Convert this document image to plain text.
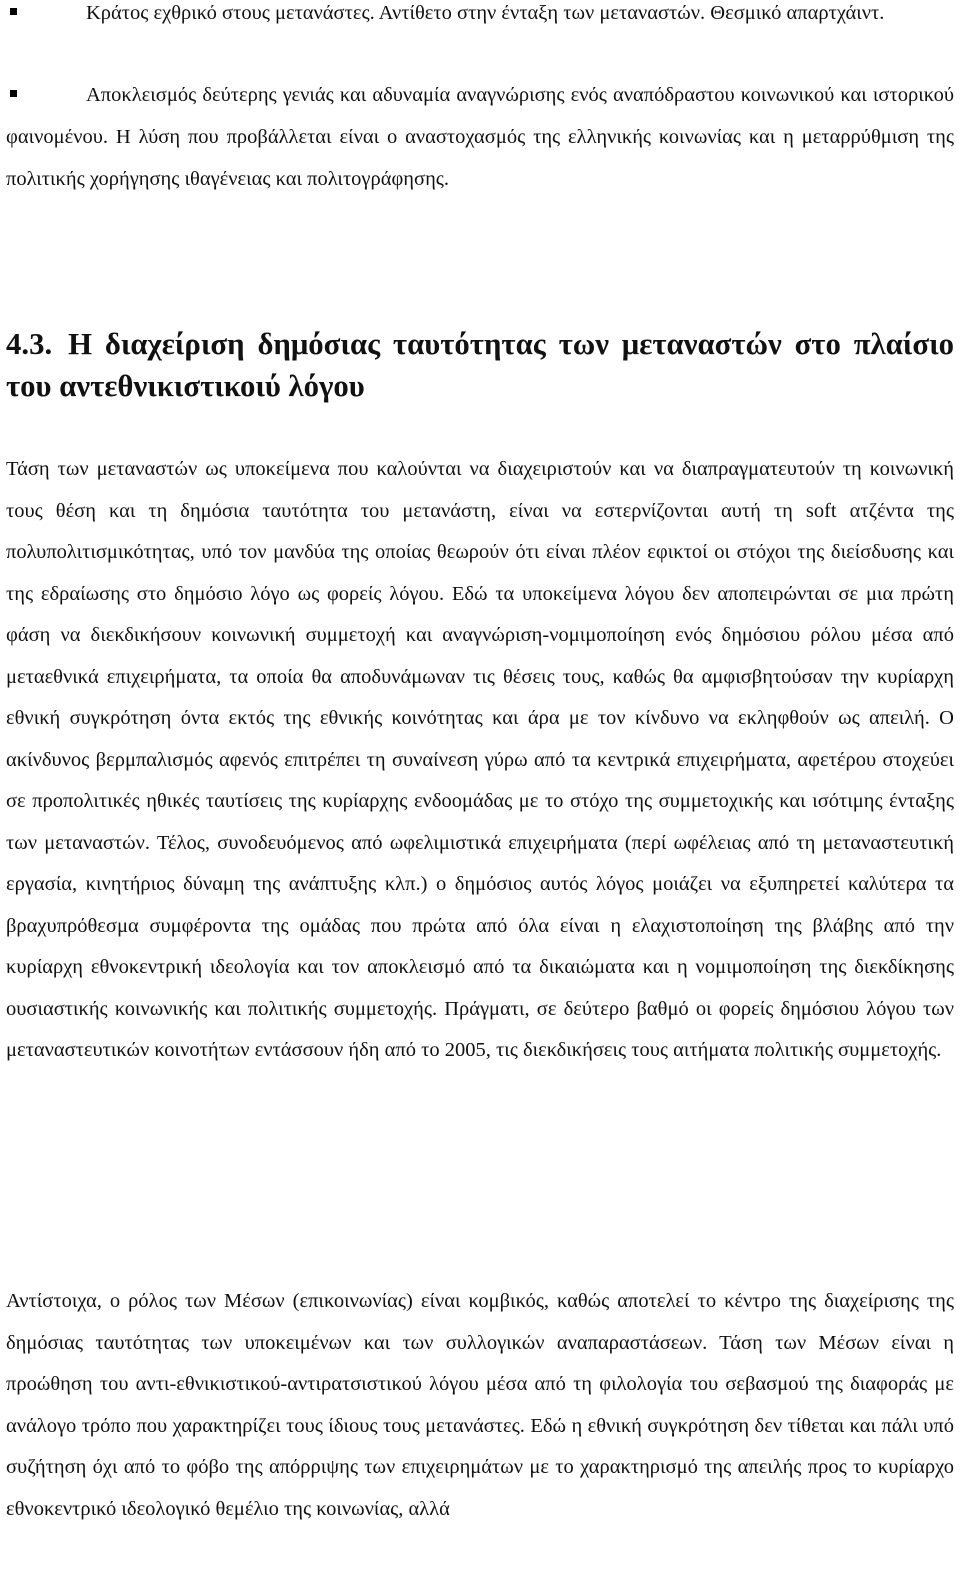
Κράτος εχθρικό στους μετανάστες. Αντίθετο στην ένταξη των μεταναστών. Θεσμικό απαρτχάιντ.
Αποκλεισμός δεύτερης γενιάς και αδυναμία αναγνώρισης ενός αναπόδραστου κοινωνικού και ιστορικού φαινομένου. Η λύση που προβάλλεται είναι ο αναστοχασμός της ελληνικής κοινωνίας και η μεταρρύθμιση της πολιτικής χορήγησης ιθαγένειας και πολιτογράφησης.
4.3. Η διαχείριση δημόσιας ταυτότητας των μεταναστών στο πλαίσιο του αντεθνικιστικοιύ λόγου

Τάση των μεταναστών ως υποκείμενα που καλούνται να διαχειριστούν και να διαπραγματευτούν τη κοινωνική τους θέση και τη δημόσια ταυτότητα του μετανάστη, είναι να εστερνίζονται αυτή τη soft ατζέντα της πολυπολιτισμικότητας, υπό τον μανδύα της οποίας θεωρούν ότι είναι πλέον εφικτοί οι στόχοι της διείσδυσης και της εδραίωσης στο δημόσιο λόγο ως φορείς λόγου. Εδώ τα υποκείμενα λόγου δεν αποπειρώνται σε μια πρώτη φάση να διεκδικήσουν κοινωνική συμμετοχή και αναγνώριση-νομιμοποίηση ενός δημόσιου ρόλου μέσα από μεταεθνικά επιχειρήματα, τα οποία θα αποδυνάμωναν τις θέσεις τους, καθώς θα αμφισβητούσαν την κυρίαρχη εθνική συγκρότηση όντα εκτός της εθνικής κοινότητας και άρα με τον κίνδυνο να εκληφθούν ως απειλή. Ο ακίνδυνος βερμπαλισμός αφενός επιτρέπει τη συναίνεση γύρω από τα κεντρικά επιχειρήματα, αφετέρου στοχεύει σε προπολιτικές ηθικές ταυτίσεις της κυρίαρχης ενδοομάδας με το στόχο της συμμετοχικής και ισότιμης ένταξης των μεταναστών. Τέλος, συνοδευόμενος από ωφελιμιστικά επιχειρήματα (περί ωφέλειας από τη μεταναστευτική εργασία, κινητήριος δύναμη της ανάπτυξης κλπ.) ο δημόσιος αυτός λόγος μοιάζει να εξυπηρετεί καλύτερα τα βραχυπρόθεσμα συμφέροντα της ομάδας που πρώτα από όλα είναι η ελαχιστοποίηση της βλάβης από την κυρίαρχη εθνοκεντρική ιδεολογία και τον αποκλεισμό από τα δικαιώματα και η νομιμοποίηση της διεκδίκησης ουσιαστικής κοινωνικής και πολιτικής συμμετοχής. Πράγματι, σε δεύτερο βαθμό οι φορείς δημόσιου λόγου των μεταναστευτικών κοινοτήτων εντάσσουν ήδη από το 2005, τις διεκδικήσεις τους αιτήματα πολιτικής συμμετοχής.

Αντίστοιχα, ο ρόλος των Μέσων (επικοινωνίας) είναι κομβικός, καθώς αποτελεί το κέντρο της διαχείρισης της δημόσιας ταυτότητας των υποκειμένων και των συλλογικών αναπαραστάσεων. Τάση των Μέσων είναι η προώθηση του αντι-εθνικιστικού-αντιρατσιστικού λόγου μέσα από τη φιλολογία του σεβασμού της διαφοράς με ανάλογο τρόπο που χαρακτηρίζει τους ίδιους τους μετανάστες. Εδώ η εθνική συγκρότηση δεν τίθεται και πάλι υπό συζήτηση όχι από το φόβο της απόρριψης των επιχειρημάτων με το χαρακτηρισμό της απειλής προς το κυρίαρχο εθνοκεντρικό ιδεολογικό θεμέλιο της κοινωνίας, αλλά
